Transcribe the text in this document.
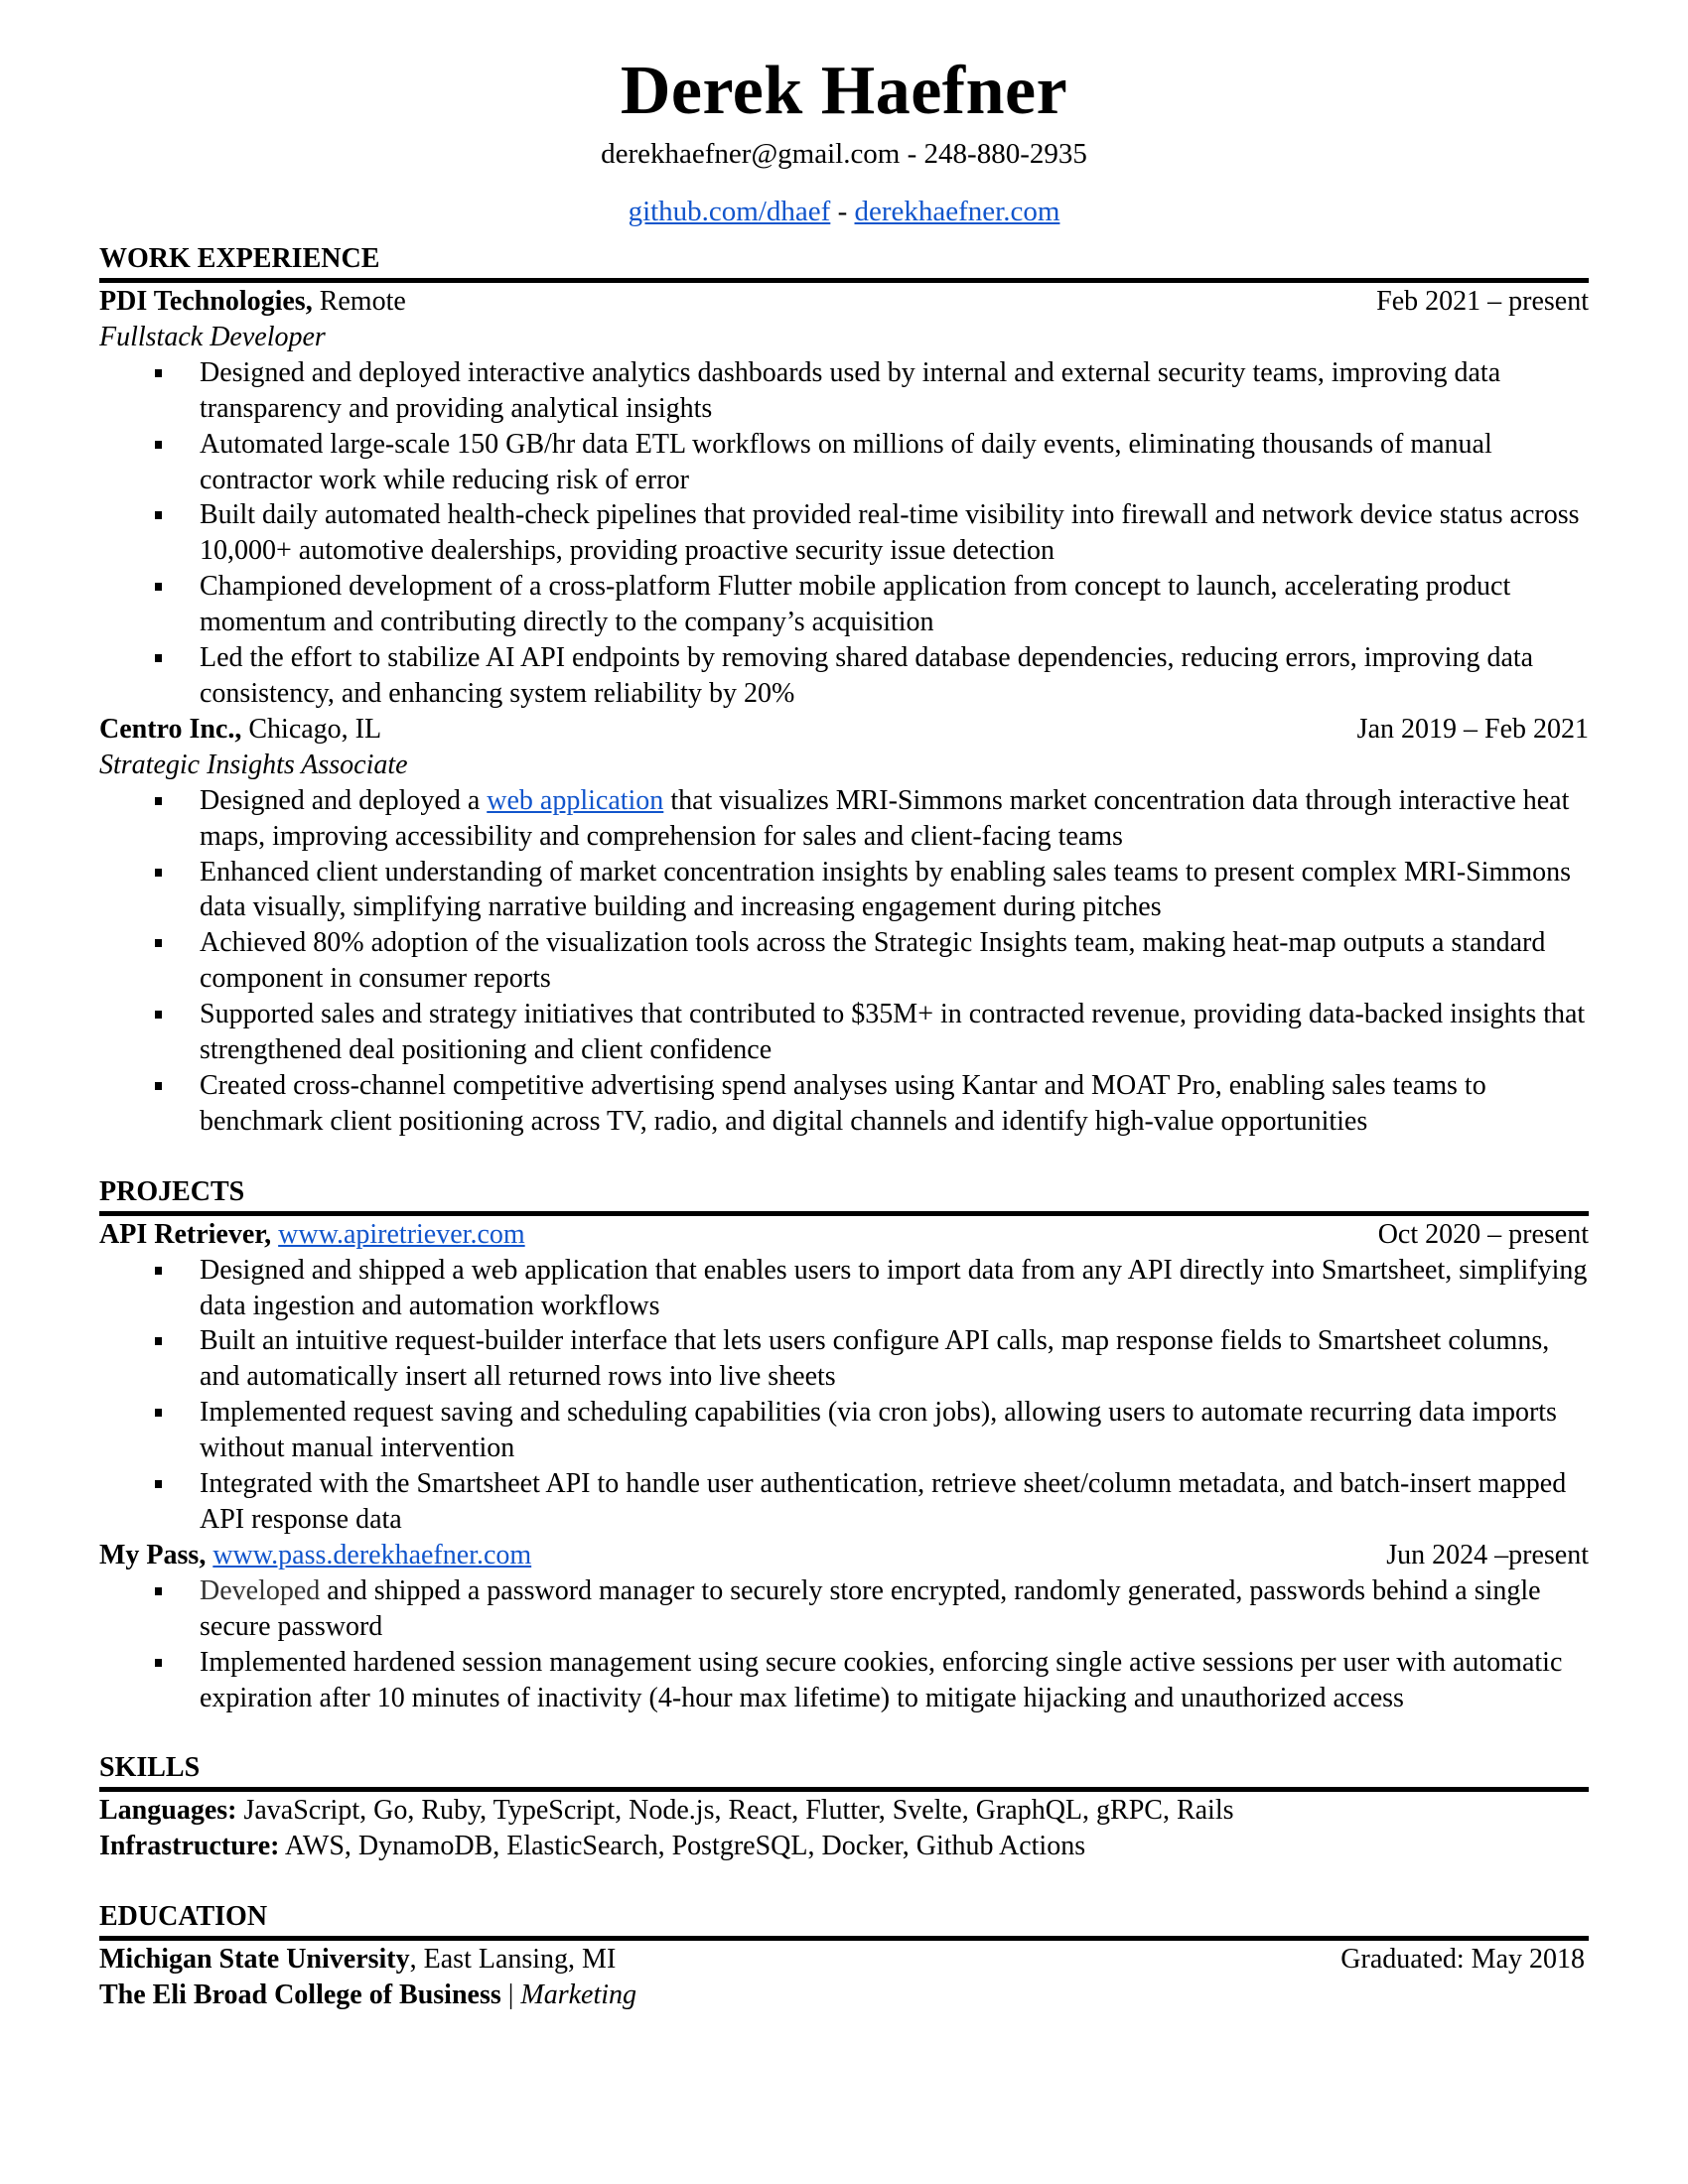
Derek Haefner
derekhaefner@gmail.com - 248-880-2935
github.com/dhaef - derekhaefner.com
WORK EXPERIENCE
PDI Technologies, Remote	Feb 2021 – present
Fullstack Developer
Designed and deployed interactive analytics dashboards used by internal and external security teams, improving data transparency and providing analytical insights
Automated large-scale 150 GB/hr data ETL workflows on millions of daily events, eliminating thousands of manual contractor work while reducing risk of error
Built daily automated health-check pipelines that provided real-time visibility into firewall and network device status across 10,000+ automotive dealerships, providing proactive security issue detection
Championed development of a cross-platform Flutter mobile application from concept to launch, accelerating product momentum and contributing directly to the company’s acquisition
Led the effort to stabilize AI API endpoints by removing shared database dependencies, reducing errors, improving data consistency, and enhancing system reliability by 20%
Centro Inc., Chicago, IL	Jan 2019 – Feb 2021
Strategic Insights Associate
Designed and deployed a web application that visualizes MRI-Simmons market concentration data through interactive heat maps, improving accessibility and comprehension for sales and client-facing teams
Enhanced client understanding of market concentration insights by enabling sales teams to present complex MRI-Simmons data visually, simplifying narrative building and increasing engagement during pitches
Achieved 80% adoption of the visualization tools across the Strategic Insights team, making heat-map outputs a standard component in consumer reports
Supported sales and strategy initiatives that contributed to $35M+ in contracted revenue, providing data-backed insights that strengthened deal positioning and client confidence
Created cross-channel competitive advertising spend analyses using Kantar and MOAT Pro, enabling sales teams to benchmark client positioning across TV, radio, and digital channels and identify high-value opportunities
PROJECTS
API Retriever, www.apiretriever.com	Oct 2020 – present
Designed and shipped a web application that enables users to import data from any API directly into Smartsheet, simplifying data ingestion and automation workflows
Built an intuitive request-builder interface that lets users configure API calls, map response fields to Smartsheet columns, and automatically insert all returned rows into live sheets
Implemented request saving and scheduling capabilities (via cron jobs), allowing users to automate recurring data imports without manual intervention
Integrated with the Smartsheet API to handle user authentication, retrieve sheet/column metadata, and batch-insert mapped API response data
My Pass, www.pass.derekhaefner.com	Jun 2024 –present
Developed and shipped a password manager to securely store encrypted, randomly generated, passwords behind a single secure password
Implemented hardened session management using secure cookies, enforcing single active sessions per user with automatic expiration after 10 minutes of inactivity (4-hour max lifetime) to mitigate hijacking and unauthorized access
SKILLS
Languages: JavaScript, Go, Ruby, TypeScript, Node.js, React, Flutter, Svelte, GraphQL, gRPC, Rails
Infrastructure: AWS, DynamoDB, ElasticSearch, PostgreSQL, Docker, Github Actions
EDUCATION
Michigan State University, East Lansing, MI	Graduated: May 2018
The Eli Broad College of Business | Marketing
